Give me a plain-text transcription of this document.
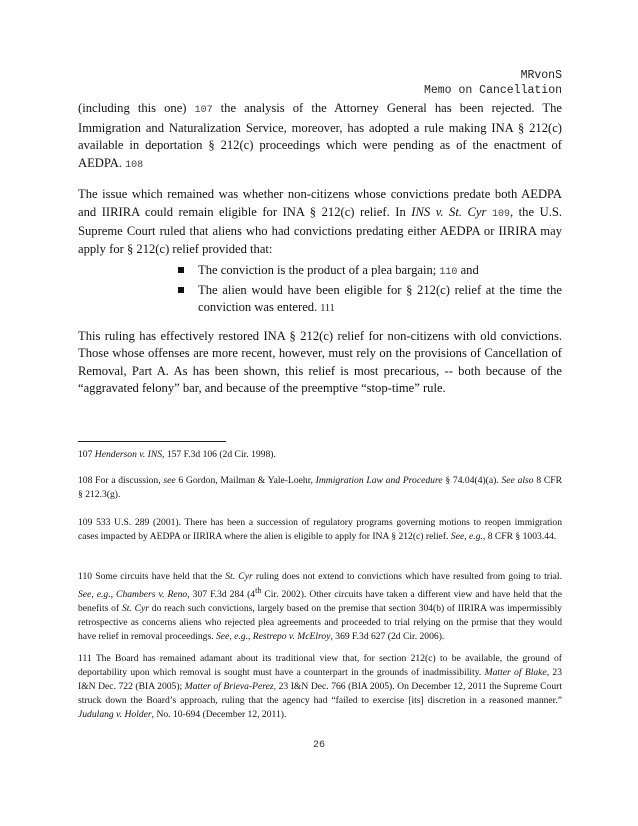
MRvonS
Memo on Cancellation

(including this one) 107 the analysis of the Attorney General has been rejected. The Immigration and Naturalization Service, moreover, has adopted a rule making INA § 212(c) available in deportation § 212(c) proceedings which were pending as of the enactment of AEDPA. 108

The issue which remained was whether non-citizens whose convictions predate both AEDPA and IIRIRA could remain eligible for INA § 212(c) relief. In INS v. St. Cyr 109, the U.S. Supreme Court ruled that aliens who had convictions predating either AEDPA or IIRIRA may apply for § 212(c) relief provided that:

The conviction is the product of a plea bargain; 110 and
The alien would have been eligible for § 212(c) relief at the time the conviction was entered. 111

This ruling has effectively restored INA § 212(c) relief for non-citizens with old convictions. Those whose offenses are more recent, however, must rely on the provisions of Cancellation of Removal, Part A. As has been shown, this relief is most precarious, -- both because of the “aggravated felony” bar, and because of the preemptive “stop-time” rule.

107 Henderson v. INS, 157 F.3d 106 (2d Cir. 1998).

108 For a discussion, see 6 Gordon, Mailman & Yale-Loehr, Immigration Law and Procedure § 74.04(4)(a). See also 8 CFR § 212.3(g).

109 533 U.S. 289 (2001). There has been a succession of regulatory programs governing motions to reopen immigration cases impacted by AEDPA or IIRIRA where the alien is eligible to apply for INA § 212(c) relief. See, e.g., 8 CFR § 1003.44.

110 Some circuits have held that the St. Cyr ruling does not extend to convictions which have resulted from going to trial. See, e.g., Chambers v. Reno, 307 F.3d 284 (4th Cir. 2002). Other circuits have taken a different view and have held that the benefits of St. Cyr do reach such convictions, largely based on the premise that section 304(b) of IIRIRA was impermissibly retrospective as concerns aliens who rejected plea agreements and proceeded to trial relying on the prmise that they would have relief in removal proceedings. See, e.g., Restrepo v. McElroy, 369 F.3d 627 (2d Cir. 2006).

111 The Board has remained adamant about its traditional view that, for section 212(c) to be available, the ground of deportability upon which removal is sought must have a counterpart in the grounds of inadmissibility. Matter of Blake, 23 I&N Dec. 722 (BIA 2005); Matter of Brieva-Perez, 23 I&N Dec. 766 (BIA 2005). On December 12, 2011 the Supreme Court struck down the Board’s approach, ruling that the agency had “failed to exercise [its] discretion in a reasoned manner.” Judulang v. Holder, No. 10-694 (December 12, 2011).

26
